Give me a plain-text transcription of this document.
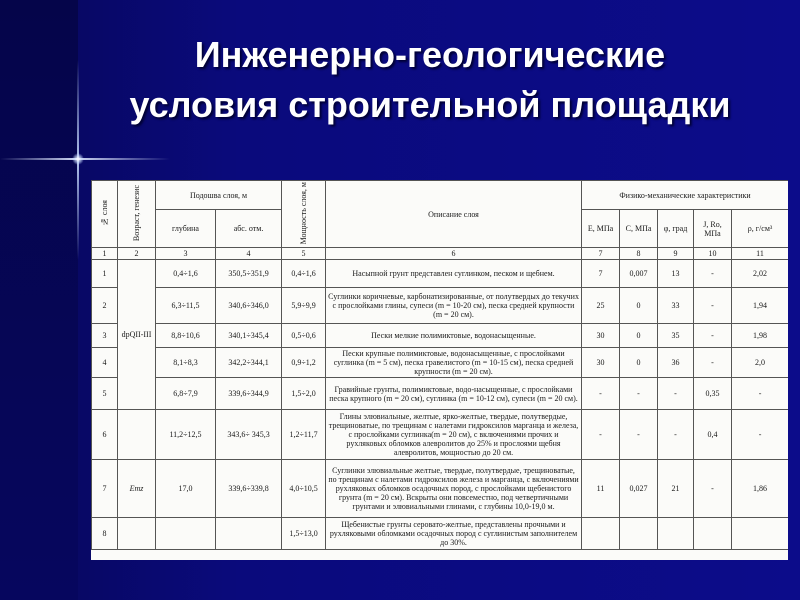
Инженерно-геологические
условия строительной площадки
№ слоя	Возраст, генезис	Подошва слоя, м		Мощность слоя, м	Описание слоя	Физико-механические характеристики				
		глубина	абс. отм.			E, МПа	C, МПа	φ, град	J, Ro, МПа	ρ, г/см³
1	2	3	4	5	6	7	8	9	10	11
1	dpQII-III	0,4÷1,6	350,5÷351,9	0,4÷1,6	Насыпной грунт представлен суглинком, песком и щебнем.	7	0,007	13	-	2,02
2		6,3÷11,5	340,6÷346,0	5,9÷9,9	Суглинки коричневые, карбонатизированные, от полутвердых до текучих с прослойками глины, супеси (m = 10-20 см), песка средней крупности (m = 20 см).	25	0	33	-	1,94
3		8,8÷10,6	340,1÷345,4	0,5÷0,6	Пески мелкие полимиктовые, водонасыщенные.	30	0	35	-	1,98
4		8,1÷8,3	342,2÷344,1	0,9÷1,2	Пески крупные полимиктовые, водонасыщенные, с прослойками суглинка (m = 5 см), песка гравелистого (m = 10-15 см), песка средней крупности (m = 20 см).	30	0	36	-	2,0
5		6,8÷7,9	339,6÷344,9	1,5÷2,0	Гравийные грунты, полимиктовые, водо-насыщенные, с прослойками песка крупного (m = 20 см), суглинка (m = 10-12 см), супеси (m = 20 см).	-	-	-	0,35	-
6		11,2÷12,5	343,6÷ 345,3	1,2÷11,7	Глины элювиальные, желтые, ярко-желтые, твердые, полутвердые, трещиноватые, по трещинам с налетами гидроксилов марганца и железа, с прослойками суглинка(m = 20 см), с включениями прочих и рухляковых обломков алевролитов до 25% и прослоями щебня алевролитов, мощностью до 20 см.	-	-	-	0,4	-
7	Emz	17,0	339,6÷339,8	4,0÷10,5	Суглинки элювиальные желтые, твердые, полутвердые, трещиноватые, по трещинам с налетами гидроксилов железа и марганца, с включениями рухляковых обломков осадочных пород, с прослойками щебенистого грунта (m = 20 см). Вскрыты они повсеместно, под четвертичными грунтами и элювиальными глинами, с глубины 10,0-19,0 м.	11	0,027	21	-	1,86
8				1,5÷13,0	Щебенистые грунты серовато-желтые, представлены прочными и рухляковыми обломками осадочных пород с суглинистым заполнителем до 30%.					
